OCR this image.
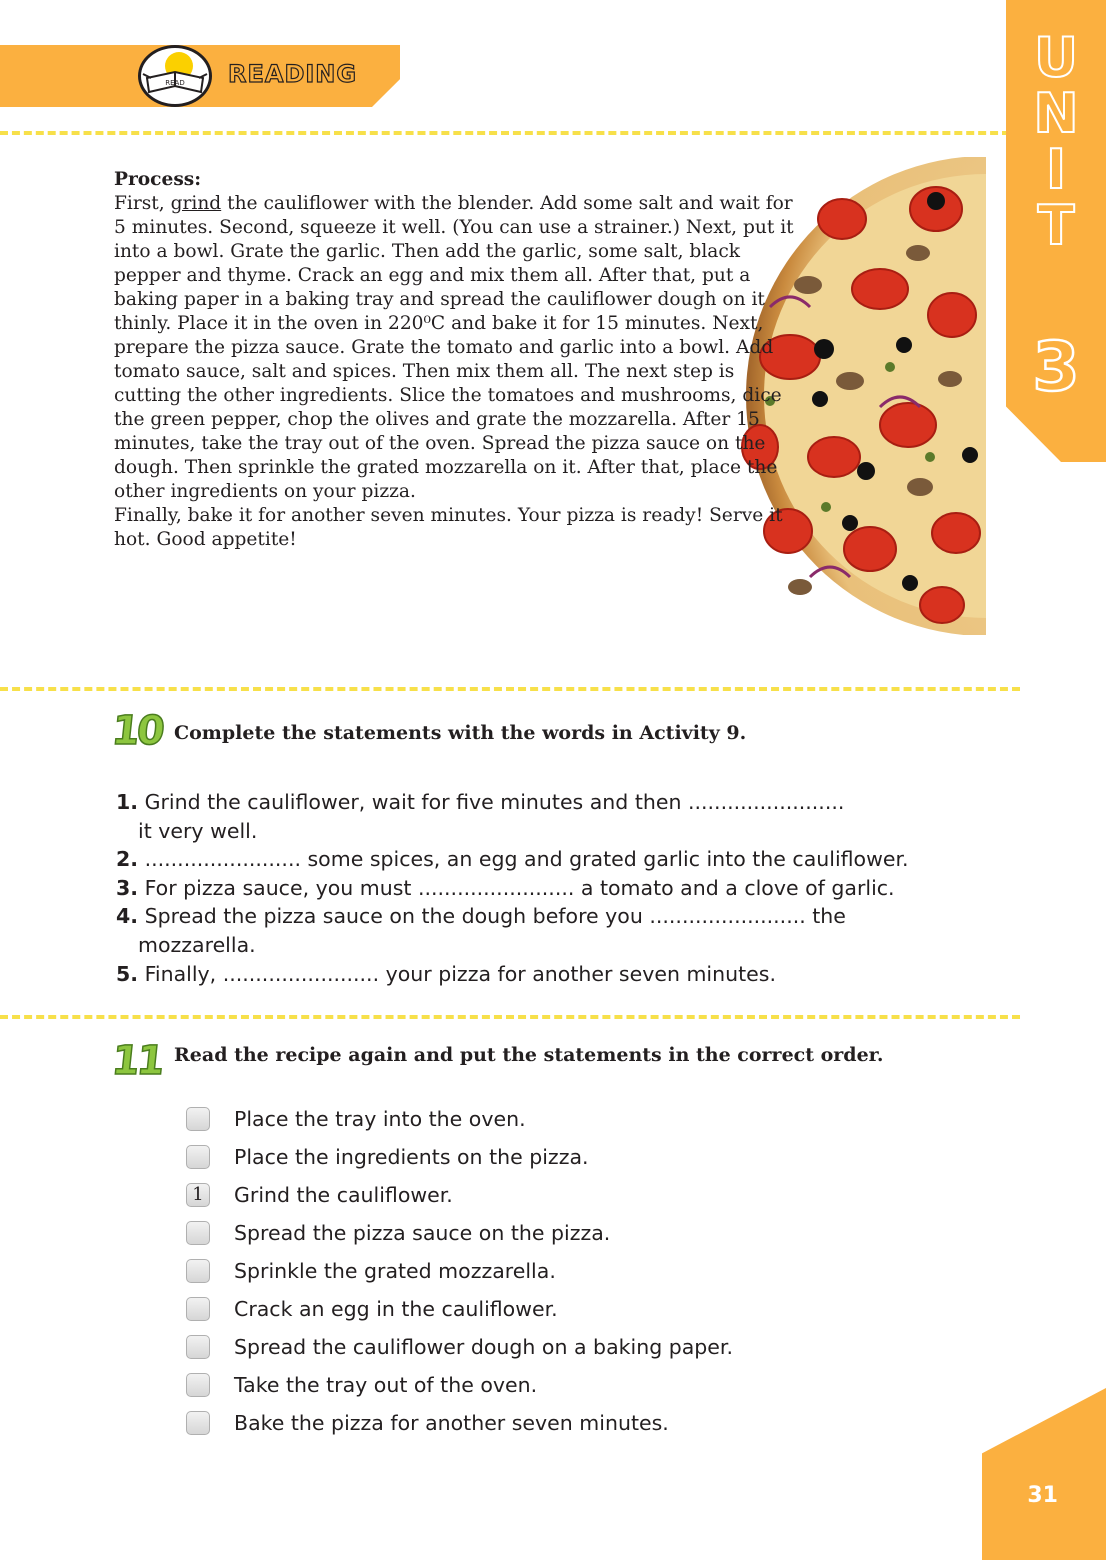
READ READING	U
N
I
T
3
Process:
First, grind the cauliflower with the blender. Add some salt and wait for 5 minutes. Second, squeeze it well. (You can use a strainer.) Next, put it into a bowl. Grate the garlic. Then add the garlic, some salt, black pepper and thyme. Crack an egg and mix them all. After that, put a baking paper in a baking tray and spread the cauliflower dough on it thinly. Place it in the oven in 220⁰C and bake it for 15 minutes. Next, prepare the pizza sauce. Grate the tomato and garlic into a bowl. Add tomato sauce, salt and spices. Then mix them all. The next step is cutting the other ingredients. Slice the tomatoes and mushrooms, dice the green pepper, chop the olives and grate the mozzarella. After 15 minutes, take the tray out of the oven. Spread the pizza sauce on the dough. Then sprinkle the grated mozzarella on it. After that, place the other ingredients on your pizza.
Finally, bake it for another seven minutes. Your pizza is ready! Serve it hot. Good appetite!
10 Complete the statements with the words in Activity 9.

1. Grind the cauliflower, wait for five minutes and then ........................
it very well.

2. ........................ some spices, an egg and grated garlic into the cauliflower.

3. For pizza sauce, you must ........................ a tomato and a clove of garlic.

4. Spread the pizza sauce on the dough before you ........................ the
mozzarella.

5. Finally, ........................ your pizza for another seven minutes.

11 Read the recipe again and put the statements in the correct order.
Place the tray into the oven.
Place the ingredients on the pizza.
1	Grind the cauliflower.
Spread the pizza sauce on the pizza.
Sprinkle the grated mozzarella.
Crack an egg in the cauliflower.
Spread the cauliflower dough on a baking paper.
Take the tray out of the oven.
Bake the pizza for another seven minutes.
31
